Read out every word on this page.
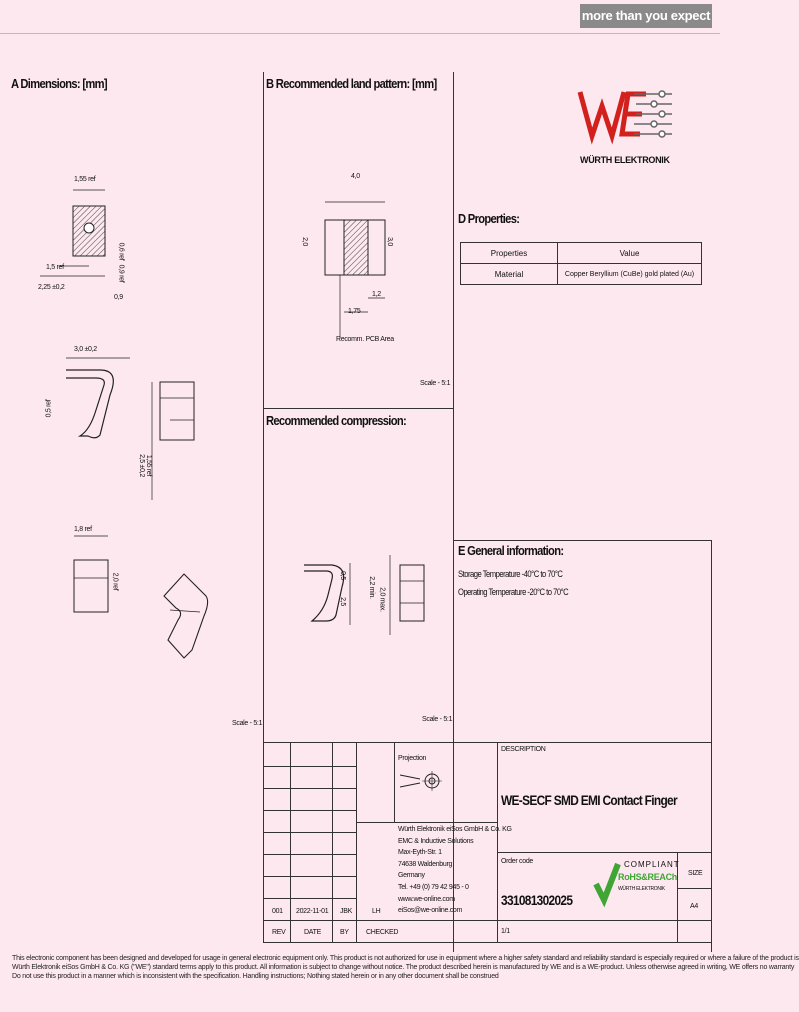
more than you expect
A Dimensions: [mm]	B Recommended land pattern: [mm]
Recommended compression:
D Properties:
E General information:
WÜRTH ELEKTRONIK
1,55 ref
1,5 ref
2,25 ±0,2
0,6 ref
0,9 ref
0,9
3,0 ±0,2
0,5 ref
2,5 ±0,2 1,55 ref
1,8 ref
2,0 ref
Scale - 5:1
4,0
2,0	3,0
1,2
1,75
Recomm. PCB Area
Scale - 5:1
0,5
2,5
2,2 min. 2,0 max.
Scale - 5:1
Properties	Value
Material	Copper Beryllium (CuBe) gold plated (Au)
Storage Temperature -40°C to 70°C
Operating Temperature -20°C to 70°C
Projection
Würth Elektronik eiSos GmbH & Co. KG
EMC & Inductive Solutions
Max-Eyth-Str. 1
74638 Waldenburg
Germany
Tel. +49 (0) 79 42 945 - 0
www.we-online.com
eiSos@we-online.com
001 2022-11-01 JBK	LH
REV	DATE	BY CHECKED
DESCRIPTION
WE-SECF SMD EMI Contact Finger
Order code
331081302025
COMPLIANT
RoHS&REACh
WÜRTH ELEKTRONIK
SIZE
A4
1/1
This electronic component has been designed and developed for usage in general electronic equipment only. This product is not authorized for use in equipment where a higher safety standard and reliability standard is especially required or where a failure of the product is
Würth Elektronik eiSos GmbH & Co. KG ("WE") standard terms apply to this product. All information is subject to change without notice. The product described herein is manufactured by WE and is a WE-product. Unless otherwise agreed in writing, WE offers no warranty
Do not use this product in a manner which is inconsistent with the specification. Handling instructions; Nothing stated herein or in any other document shall be construed
